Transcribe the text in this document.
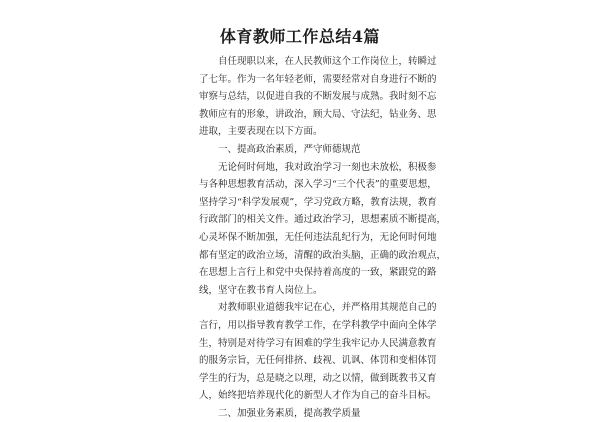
体育教师工作总结4篇
自任现职以来，在人民教师这个工作岗位上，转瞬过
了七年。作为一名年轻老师，需要经常对自身进行不断的
审察与总结，以促进自我的不断发展与成熟。我时刻不忘
教师应有的形象，讲政治，顾大局、守法纪，钻业务、思
进取，主要表现在以下方面。
一、提高政治素质，严守师德规范
无论何时何地，我对政治学习一刻也未放松，积极参
与各种思想教育活动，深入学习“三个代表”的重要思想，
坚持学习“科学发展观”，学习党政方略，教育法规，教育
行政部门的相关文件。通过政治学习，思想素质不断提高，
心灵坏保不断加强，无任何违法乱纪行为，无论何时何地
都有坚定的政治立场，清醒的政治头脑，正确的政治观点，
在思想上言行上和党中央保持着高度的一致，紧跟党的路
线，坚守在教书育人岗位上。
对教师职业道德我牢记在心，并严格用其规范自己的
言行，用以指导教育教学工作，在学科教学中面向全体学
生，特别是对待学习有困难的学生我牢记办人民满意教育
的服务宗旨，无任何排挤、歧视、讥讽、体罚和变相体罚
学生的行为，总是晓之以理，动之以情，做到既教书又育
人，始终把培养现代化的新型人才作为自己的奋斗目标。
二、加强业务素质，提高教学质量
